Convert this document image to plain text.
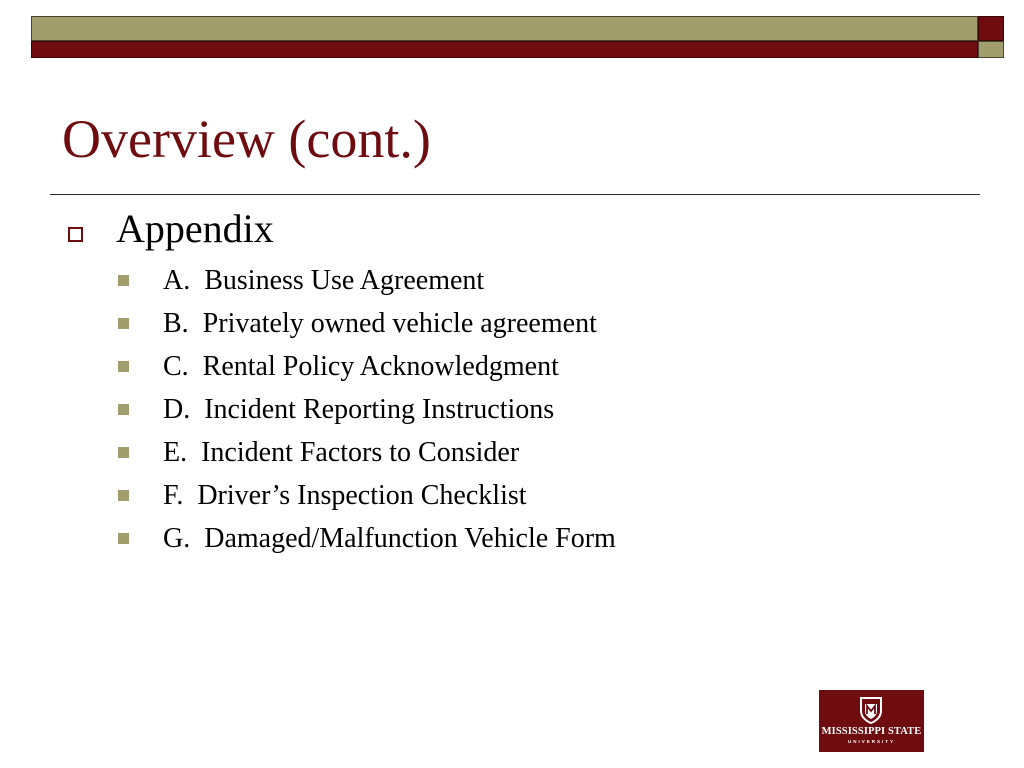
Overview (cont.)
Appendix
A.  Business Use Agreement
B.  Privately owned vehicle agreement
C.  Rental Policy Acknowledgment
D.  Incident Reporting Instructions
E.  Incident Factors to Consider
F.  Driver’s Inspection Checklist
G.  Damaged/Malfunction Vehicle Form
MISSISSIPPI STATE
UNIVERSITY
